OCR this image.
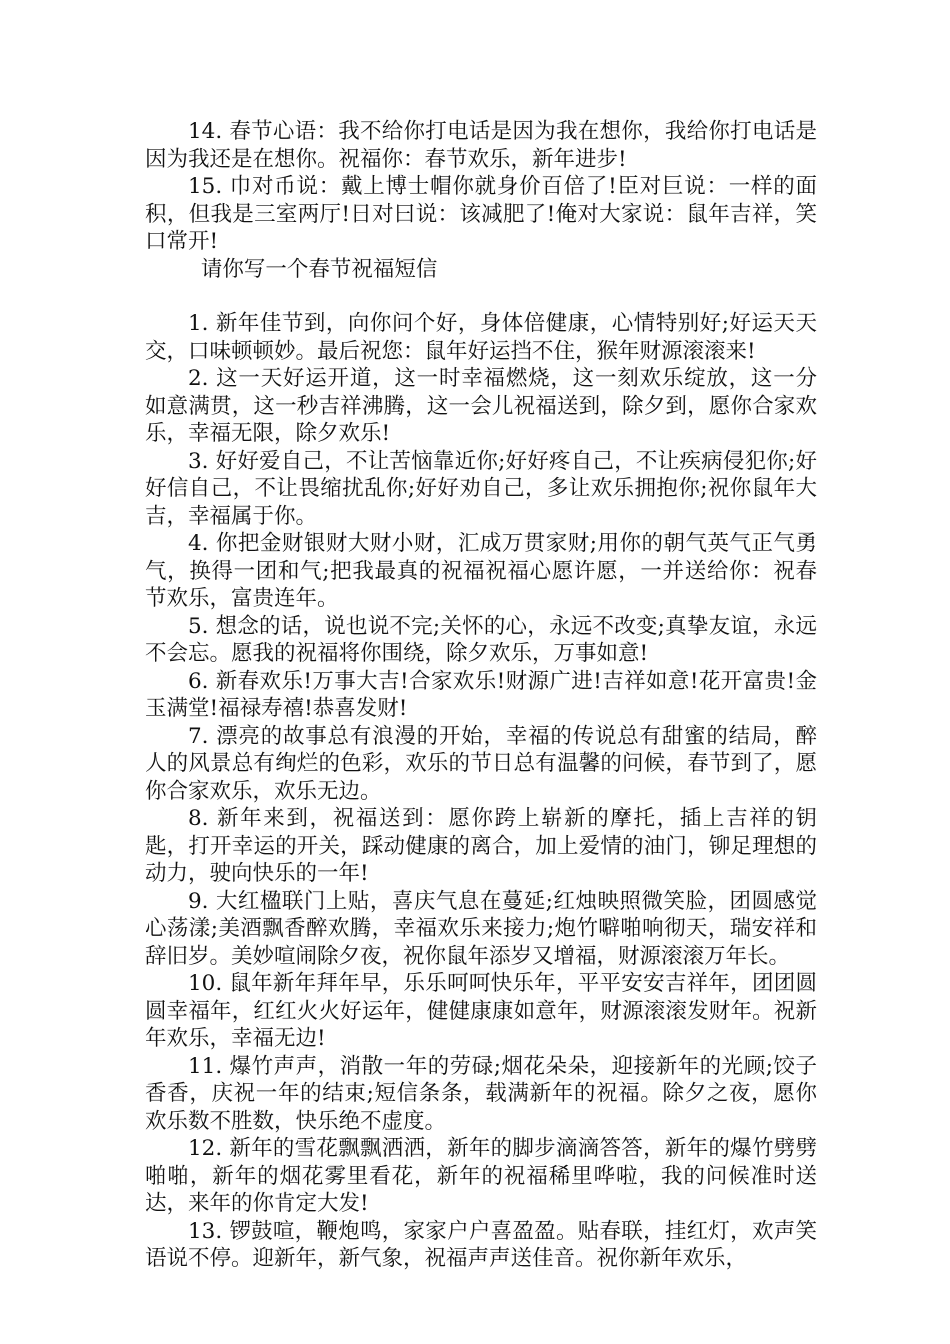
14. 春节心语：我不给你打电话是因为我在想你，我给你打电话是因为我还是在想你。祝福你：春节欢乐，新年进步!

15. 巾对币说：戴上博士帽你就身价百倍了!臣对巨说：一样的面积，但我是三室两厅!日对曰说：该减肥了!俺对大家说：鼠年吉祥，笑口常开!

请你写一个春节祝福短信

1. 新年佳节到，向你问个好，身体倍健康，心情特别好;好运天天交，口味顿顿妙。最后祝您：鼠年好运挡不住，猴年财源滚滚来!

2. 这一天好运开道，这一时幸福燃烧，这一刻欢乐绽放，这一分如意满贯，这一秒吉祥沸腾，这一会儿祝福送到，除夕到，愿你合家欢乐，幸福无限，除夕欢乐!

3. 好好爱自己，不让苦恼靠近你;好好疼自己，不让疾病侵犯你;好好信自己，不让畏缩扰乱你;好好劝自己，多让欢乐拥抱你;祝你鼠年大吉，幸福属于你。

4. 你把金财银财大财小财，汇成万贯家财;用你的朝气英气正气勇气，换得一团和气;把我最真的祝福祝福心愿许愿，一并送给你：祝春节欢乐，富贵连年。

5. 想念的话，说也说不完;关怀的心，永远不改变;真挚友谊，永远不会忘。愿我的祝福将你围绕，除夕欢乐，万事如意!

6. 新春欢乐!万事大吉!合家欢乐!财源广进!吉祥如意!花开富贵!金玉满堂!福禄寿禧!恭喜发财!

7. 漂亮的故事总有浪漫的开始，幸福的传说总有甜蜜的结局，醉人的风景总有绚烂的色彩，欢乐的节日总有温馨的问候，春节到了，愿你合家欢乐，欢乐无边。

8. 新年来到，祝福送到：愿你跨上崭新的摩托，插上吉祥的钥匙，打开幸运的开关，踩动健康的离合，加上爱情的油门，铆足理想的动力，驶向快乐的一年!

9. 大红楹联门上贴，喜庆气息在蔓延;红烛映照微笑脸，团圆感觉心荡漾;美酒飘香醉欢腾，幸福欢乐来接力;炮竹噼啪响彻天，瑞安祥和辞旧岁。美妙喧闹除夕夜，祝你鼠年添岁又增福，财源滚滚万年长。

10. 鼠年新年拜年早，乐乐呵呵快乐年，平平安安吉祥年，团团圆圆幸福年，红红火火好运年，健健康康如意年，财源滚滚发财年。祝新年欢乐，幸福无边!

11. 爆竹声声，消散一年的劳碌;烟花朵朵，迎接新年的光顾;饺子香香，庆祝一年的结束;短信条条，载满新年的祝福。除夕之夜，愿你欢乐数不胜数，快乐绝不虚度。

12. 新年的雪花飘飘洒洒，新年的脚步滴滴答答，新年的爆竹劈劈啪啪，新年的烟花雾里看花，新年的祝福稀里哗啦，我的问候准时送达，来年的你肯定大发!

13. 锣鼓喧，鞭炮鸣，家家户户喜盈盈。贴春联，挂红灯，欢声笑语说不停。迎新年，新气象，祝福声声送佳音。祝你新年欢乐，
